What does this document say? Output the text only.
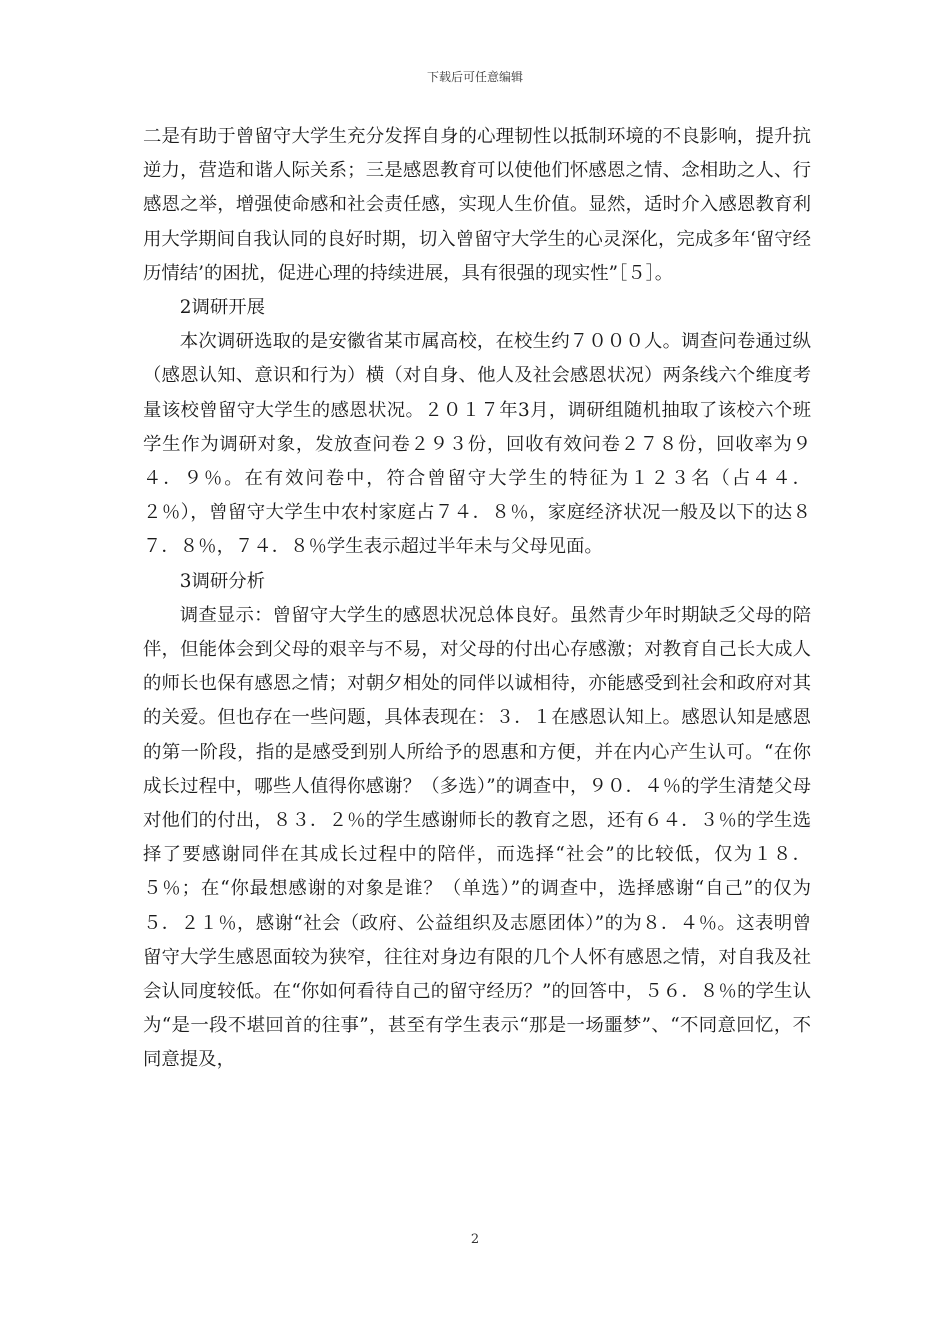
下载后可任意编辑

二是有助于曾留守大学生充分发挥自身的心理韧性以抵制环境的不良影响，提升抗逆力，营造和谐人际关系；三是感恩教育可以使他们怀感恩之情、念相助之人、行感恩之举，增强使命感和社会责任感，实现人生价值。显然，适时介入感恩教育利用大学期间自我认同的良好时期，切入曾留守大学生的心灵深化，完成多年‘留守经历情结’的困扰，促进心理的持续进展，具有很强的现实性”［５］。

2调研开展

本次调研选取的是安徽省某市属高校，在校生约７０００人。调查问卷通过纵（感恩认知、意识和行为）横（对自身、他人及社会感恩状况）两条线六个维度考量该校曾留守大学生的感恩状况。２０１７年3月，调研组随机抽取了该校六个班学生作为调研对象，发放查问卷２９３份，回收有效问卷２７８份，回收率为９４．９％。在有效问卷中，符合曾留守大学生的特征为１２３名（占４４．２％），曾留守大学生中农村家庭占７４．８％，家庭经济状况一般及以下的达８７．８％，７４．８％学生表示超过半年未与父母见面。

3调研分析

调查显示：曾留守大学生的感恩状况总体良好。虽然青少年时期缺乏父母的陪伴，但能体会到父母的艰辛与不易，对父母的付出心存感激；对教育自己长大成人的师长也保有感恩之情；对朝夕相处的同伴以诚相待，亦能感受到社会和政府对其的关爱。但也存在一些问题，具体表现在：３．１在感恩认知上。感恩认知是感恩的第一阶段，指的是感受到别人所给予的恩惠和方便，并在内心产生认可。“在你成长过程中，哪些人值得你感谢？（多选）”的调查中，９０．４％的学生清楚父母对他们的付出，８３．２％的学生感谢师长的教育之恩，还有６４．３％的学生选择了要感谢同伴在其成长过程中的陪伴，而选择“社会”的比较低，仅为１８．５％；在“你最想感谢的对象是谁？（单选）”的调查中，选择感谢“自己”的仅为５．２１％，感谢“社会（政府、公益组织及志愿团体）”的为８．４％。这表明曾留守大学生感恩面较为狭窄，往往对身边有限的几个人怀有感恩之情，对自我及社会认同度较低。在“你如何看待自己的留守经历？”的回答中，５６．８％的学生认为“是一段不堪回首的往事”，甚至有学生表示“那是一场噩梦”、“不同意回忆，不同意提及，

2
